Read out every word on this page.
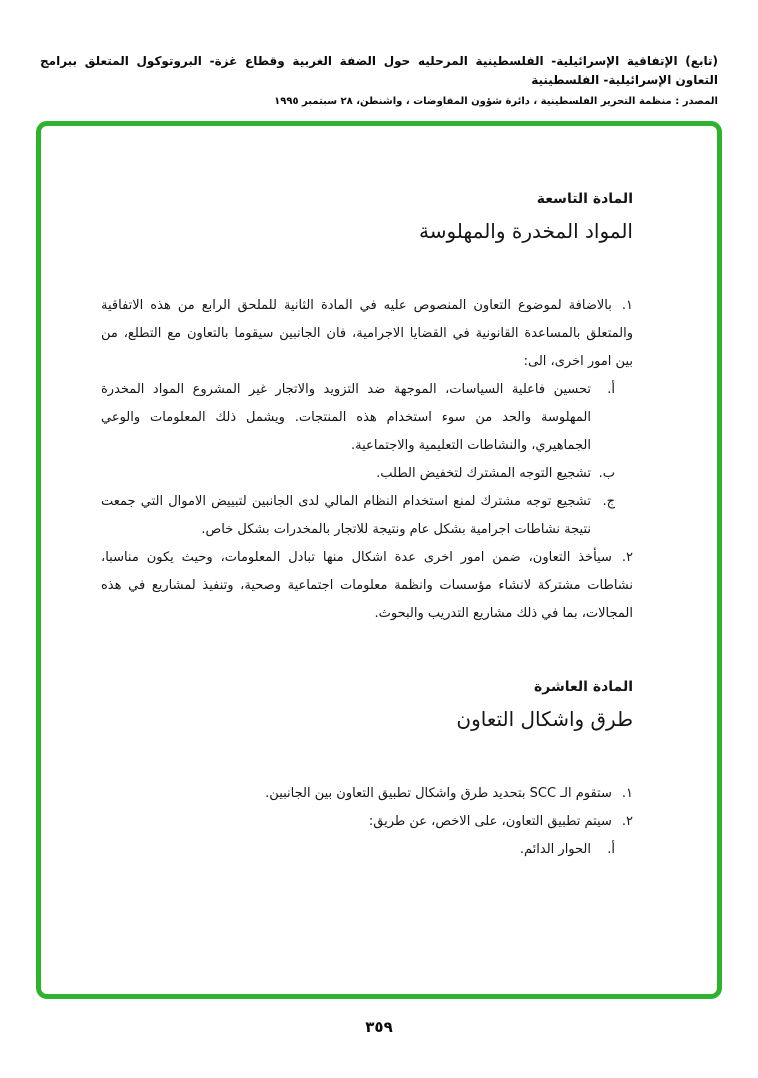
(تابع) الإتفاقية الإسرائيلية- الفلسطينية المرحليه حول الضفة الغربية وقطاع غزة- البروتوكول المتعلق ببرامج التعاون الإسرائيلية- الفلسطينية
المصدر : منظمة التحرير الفلسطينية ، دائرة شؤون المفاوضات ، واشنطن، ٢٨ سبتمبر ١٩٩٥
المادة التاسعة
المواد المخدرة والمهلوسة
١.بالاضافة لموضوع التعاون المنصوص عليه في المادة الثانية للملحق الرابع من هذه الاتفاقية والمتعلق بالمساعدة القانونية في القضايا الاجرامية، فان الجانبين سيقوما بالتعاون مع التطلع، من بين امور اخرى، الى:
أ.
تحسين فاعلية السياسات، الموجهة ضد التزويد والاتجار غير المشروع المواد المخدرة المهلوسة والحد من سوء استخدام هذه المنتجات. ويشمل ذلك المعلومات والوعي الجماهيري، والنشاطات التعليمية والاجتماعية.
ب.
تشجيع التوجه المشترك لتخفيض الطلب.
ج.
تشجيع توجه مشترك لمنع استخدام النظام المالي لدى الجانبين لتبييض الاموال التي جمعت نتيجة نشاطات اجرامية بشكل عام ونتيجة للاتجار بالمخدرات بشكل خاص.
٢.سيأخذ التعاون، ضمن امور اخرى عدة اشكال منها تبادل المعلومات، وحيث يكون مناسبا، نشاطات مشتركة لانشاء مؤسسات وانظمة معلومات اجتماعية وصحية، وتنفيذ لمشاريع في هذه المجالات، بما في ذلك مشاريع التدريب والبحوث.
المادة العاشرة
طرق واشكال التعاون
١.ستقوم الـ SCC بتحديد طرق واشكال تطبيق التعاون بين الجانبين.
٢.سيتم تطبيق التعاون، على الاخص، عن طريق:
أ.
الحوار الدائم.
٣٥٩
